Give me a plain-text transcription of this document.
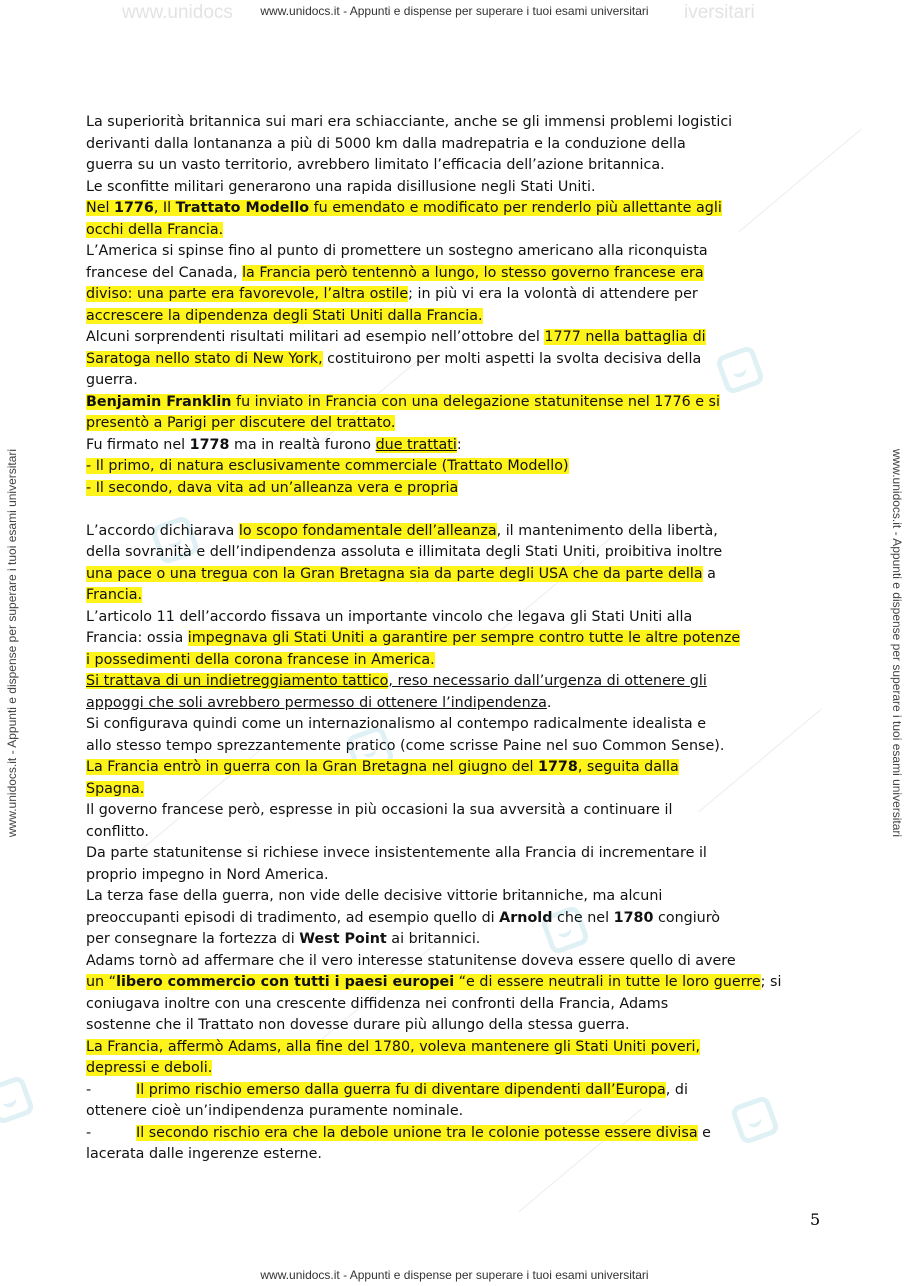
www.unidocs.it - Appunti e dispense per superare i tuoi esami universitari
www.unidocs	iversitari
www.unidocs.it - Appunti e dispense per superare i tuoi esami universitari
www.unidocs.it - Appunti e dispense per superare i tuoi esami universitari	www.unidocs.it - Appunti e dispense per superare i tuoi esami universitari

La superiorità britannica sui mari era schiacciante, anche se gli immensi problemi logistici

derivanti dalla lontananza a più di 5000 km dalla madrepatria e la conduzione della

guerra su un vasto territorio, avrebbero limitato l’efficacia dell’azione britannica.

Le sconfitte militari generarono una rapida disillusione negli Stati Uniti.

Nel 1776, Il Trattato Modello fu emendato e modificato per renderlo più allettante agli

occhi della Francia.

L’America si spinse fino al punto di promettere un sostegno americano alla riconquista

francese del Canada, la Francia però tentennò a lungo, lo stesso governo francese era

diviso: una parte era favorevole, l’altra ostile; in più vi era la volontà di attendere per

accrescere la dipendenza degli Stati Uniti dalla Francia.

Alcuni sorprendenti risultati militari ad esempio nell’ottobre del 1777 nella battaglia di

Saratoga nello stato di New York, costituirono per molti aspetti la svolta decisiva della

guerra.

Benjamin Franklin fu inviato in Francia con una delegazione statunitense nel 1776 e si

presentò a Parigi per discutere del trattato.

Fu firmato nel 1778 ma in realtà furono due trattati:

- Il primo, di natura esclusivamente commerciale (Trattato Modello)

- Il secondo, dava vita ad un’alleanza vera e propria

L’accordo dichiarava lo scopo fondamentale dell’alleanza, il mantenimento della libertà,

della sovranità e dell’indipendenza assoluta e illimitata degli Stati Uniti, proibitiva inoltre

una pace o una tregua con la Gran Bretagna sia da parte degli USA che da parte della a

Francia.

L’articolo 11 dell’accordo fissava un importante vincolo che legava gli Stati Uniti alla

Francia: ossia impegnava gli Stati Uniti a garantire per sempre contro tutte le altre potenze

i possedimenti della corona francese in America.

Si trattava di un indietreggiamento tattico, reso necessario dall’urgenza di ottenere gli

appoggi che soli avrebbero permesso di ottenere l’indipendenza.

Si configurava quindi come un internazionalismo al contempo radicalmente idealista e

allo stesso tempo sprezzantemente pratico (come scrisse Paine nel suo Common Sense).

La Francia entrò in guerra con la Gran Bretagna nel giugno del 1778, seguita dalla

Spagna.

Il governo francese però, espresse in più occasioni la sua avversità a continuare il

conflitto.

Da parte statunitense si richiese invece insistentemente alla Francia di incrementare il

proprio impegno in Nord America.

La terza fase della guerra, non vide delle decisive vittorie britanniche, ma alcuni

preoccupanti episodi di tradimento, ad esempio quello di Arnold che nel 1780 congiurò

per consegnare la fortezza di West Point ai britannici.

Adams tornò ad affermare che il vero interesse statunitense doveva essere quello di avere

un “libero commercio con tutti i paesi europei “e di essere neutrali in tutte le loro guerre; si

coniugava inoltre con una crescente diffidenza nei confronti della Francia, Adams

sostenne che il Trattato non dovesse durare più allungo della stessa guerra.

La Francia, affermò Adams, alla fine del 1780, voleva mantenere gli Stati Uniti poveri,

depressi e deboli.

-	Il primo rischio emerso dalla guerra fu di diventare dipendenti dall’Europa, di

ottenere cioè un’indipendenza puramente nominale.

-	Il secondo rischio era che la debole unione tra le colonie potesse essere divisa e

lacerata dalle ingerenze esterne.

5
